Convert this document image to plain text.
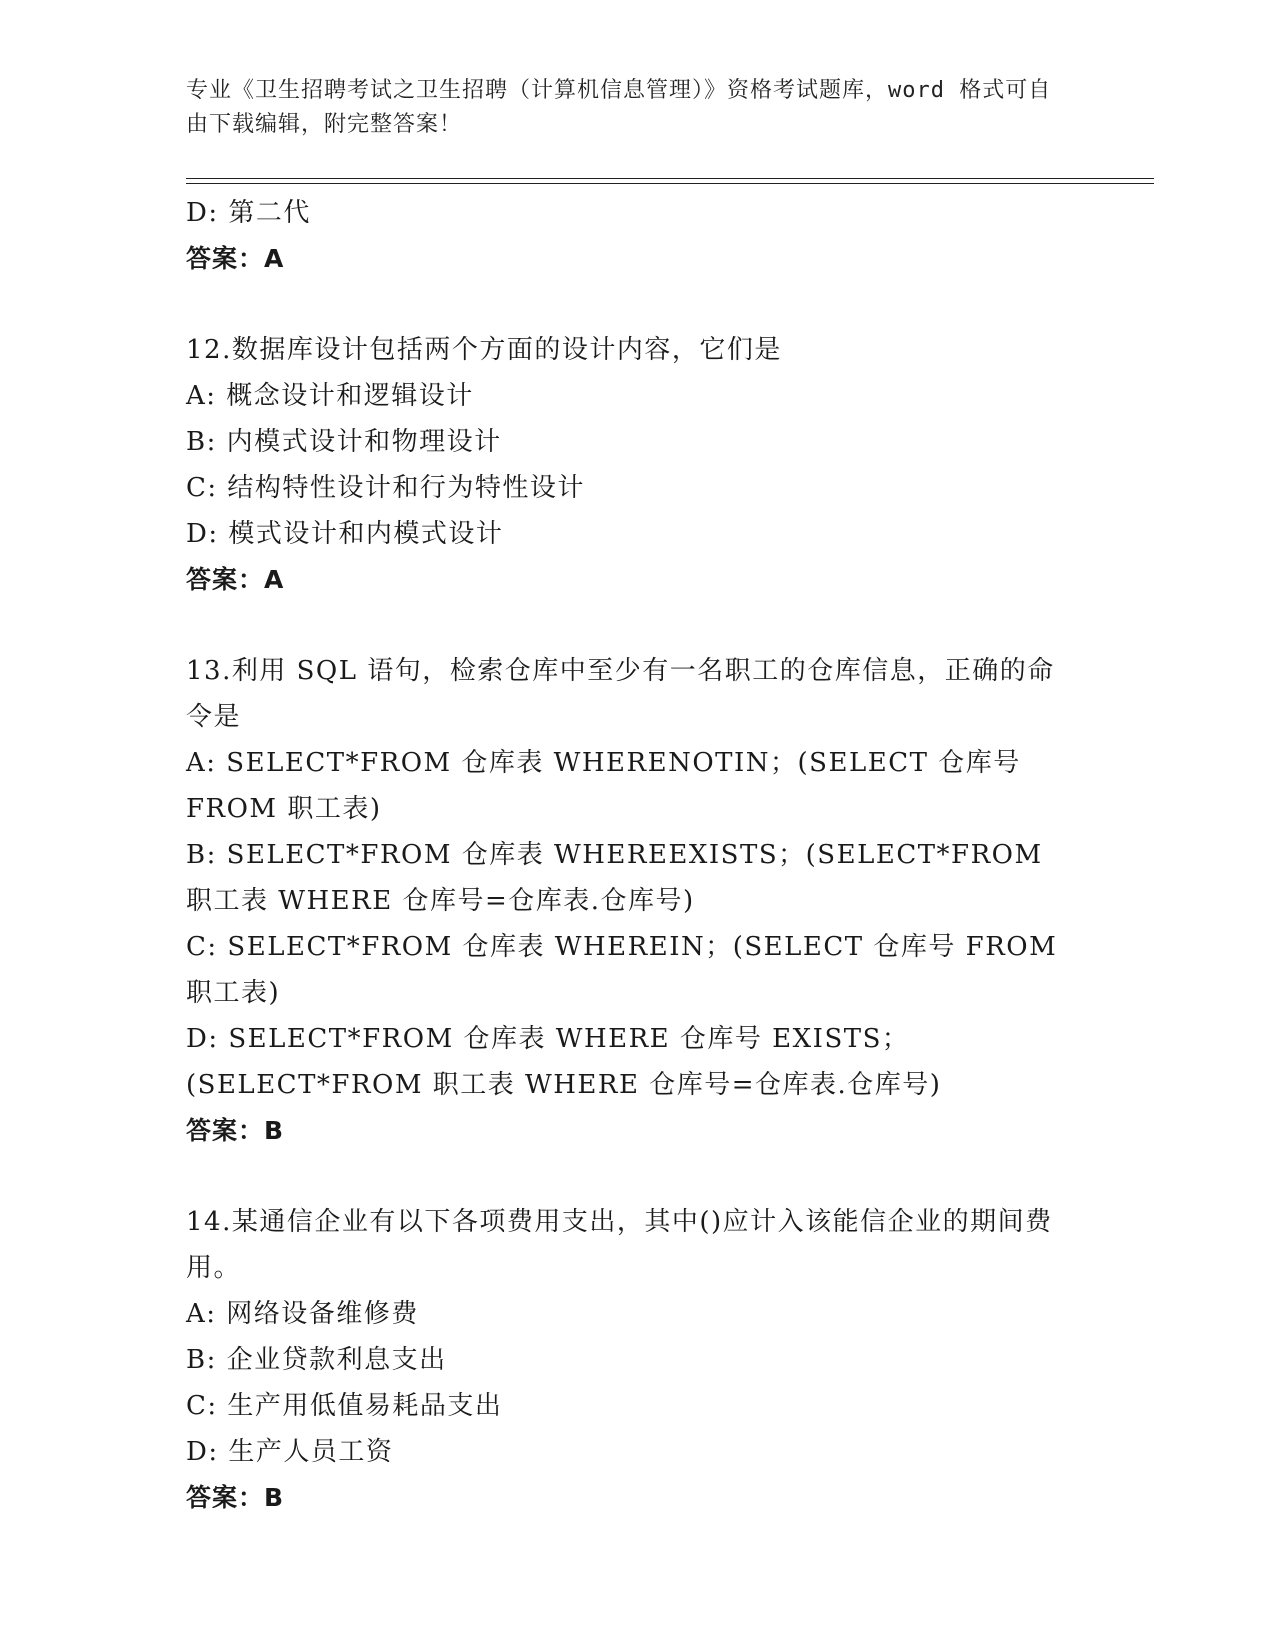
专业《卫生招聘考试之卫生招聘（计算机信息管理）》资格考试题库，word 格式可自由下载编辑，附完整答案！

D: 第二代

答案：A

12.数据库设计包括两个方面的设计内容，它们是

A: 概念设计和逻辑设计

B: 内模式设计和物理设计

C: 结构特性设计和行为特性设计

D: 模式设计和内模式设计

答案：A

13.利用 SQL 语句，检索仓库中至少有一名职工的仓库信息，正确的命令是

A: SELECT*FROM 仓库表 WHERENOTIN；(SELECT 仓库号 FROM 职工表)

B: SELECT*FROM 仓库表 WHEREEXISTS；(SELECT*FROM 职工表 WHERE 仓库号=仓库表.仓库号)

C: SELECT*FROM 仓库表 WHEREIN；(SELECT 仓库号 FROM 职工表)

D: SELECT*FROM 仓库表 WHERE 仓库号 EXISTS；(SELECT*FROM 职工表 WHERE 仓库号=仓库表.仓库号)

答案：B

14.某通信企业有以下各项费用支出，其中()应计入该能信企业的期间费用。

A: 网络设备维修费

B: 企业贷款利息支出

C: 生产用低值易耗品支出

D: 生产人员工资

答案：B
